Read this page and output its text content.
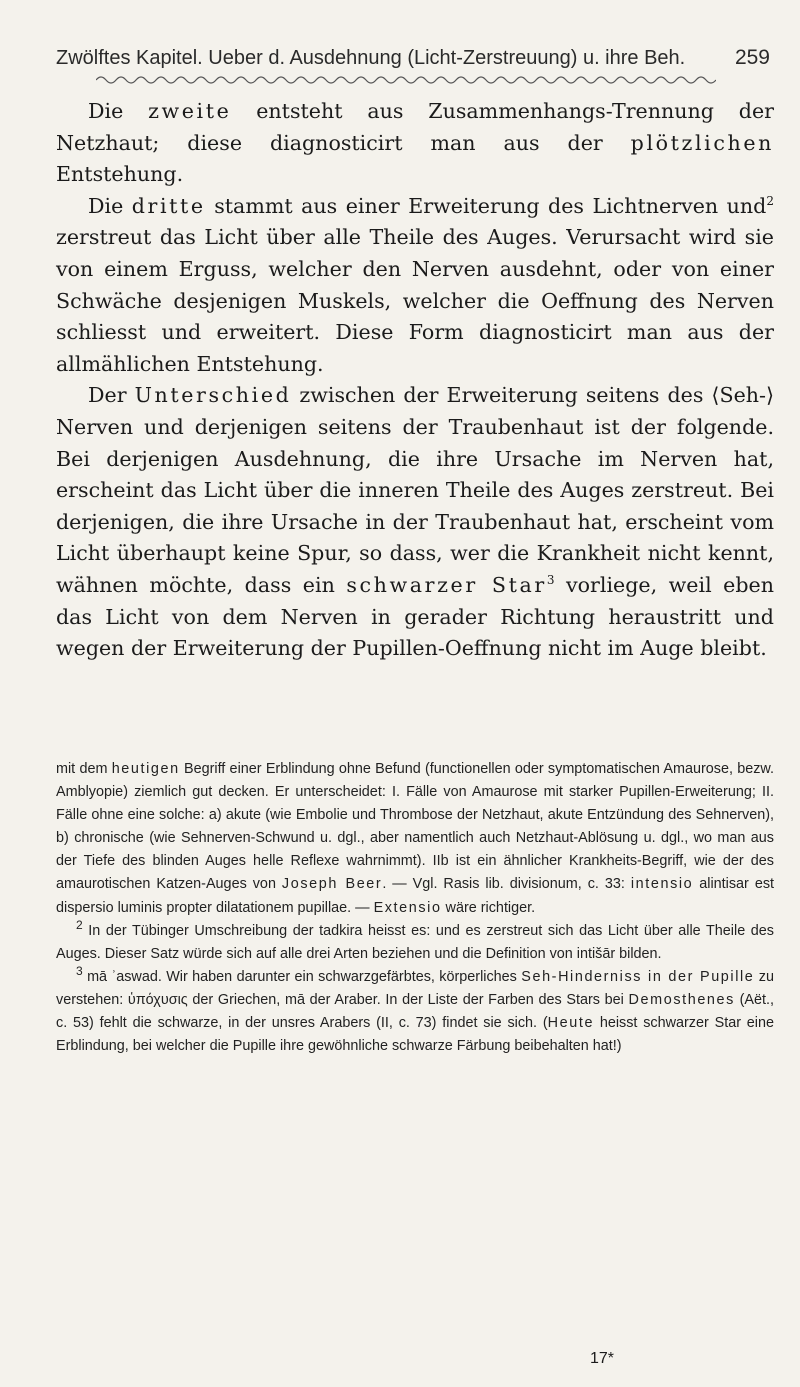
Zwölftes Kapitel. Ueber d. Ausdehnung (Licht-Zerstreuung) u. ihre Beh. 259

Die zweite entsteht aus Zusammenhangs-Trennung der Netzhaut; diese diagnosticirt man aus der plötzlichen Entstehung.

Die dritte stammt aus einer Erweiterung des Lichtnerven und$^2$ zerstreut das Licht über alle Theile des Auges. Verursacht wird sie von einem Erguss, welcher den Nerven ausdehnt, oder von einer Schwäche desjenigen Muskels, welcher die Oeffnung des Nerven schliesst und erweitert. Diese Form diagnosticirt man aus der allmählichen Entstehung.

Der Unterschied zwischen der Erweiterung seitens des ⟨Seh-⟩Nerven und derjenigen seitens der Traubenhaut ist der folgende. Bei derjenigen Ausdehnung, die ihre Ursache im Nerven hat, erscheint das Licht über die inneren Theile des Auges zerstreut. Bei derjenigen, die ihre Ursache in der Traubenhaut hat, erscheint vom Licht überhaupt keine Spur, so dass, wer die Krankheit nicht kennt, wähnen möchte, dass ein schwarzer Star$^3$ vorliege, weil eben das Licht von dem Nerven in gerader Richtung heraustritt und wegen der Erweiterung der Pupillen-Oeffnung nicht im Auge bleibt.

mit dem heutigen Begriff einer Erblindung ohne Befund (functionellen oder symptomatischen Amaurose, bezw. Amblyopie) ziemlich gut decken. Er unterscheidet: I. Fälle von Amaurose mit starker Pupillen-Erweiterung; II. Fälle ohne eine solche: a) akute (wie Embolie und Thrombose der Netzhaut, akute Entzündung des Sehnerven), b) chronische (wie Sehnerven-Schwund u. dgl., aber namentlich auch Netzhaut-Ablösung u. dgl., wo man aus der Tiefe des blinden Auges helle Reflexe wahrnimmt). IIb ist ein ähnlicher Krankheits-Begriff, wie der des amaurotischen Katzen-Auges von Joseph Beer. — Vgl. Rasis lib. divisionum, c. 33: intensio alintisar est dispersio luminis propter dilatationem pupillae. — Extensio wäre richtiger.

$^2$ In der Tübinger Umschreibung der tadkira heisst es: und es zerstreut sich das Licht über alle Theile des Auges. Dieser Satz würde sich auf alle drei Arten beziehen und die Definition von intišār bilden.

$^3$ mā ʾaswad. Wir haben darunter ein schwarzgefärbtes, körperliches Seh-Hinderniss in der Pupille zu verstehen: ὑπόχυσις der Griechen, mā der Araber. In der Liste der Farben des Stars bei Demosthenes (Aët., c. 53) fehlt die schwarze, in der unsres Arabers (II, c. 73) findet sie sich. (Heute heisst schwarzer Star eine Erblindung, bei welcher die Pupille ihre gewöhnliche schwarze Färbung beibehalten hat!)

17*
